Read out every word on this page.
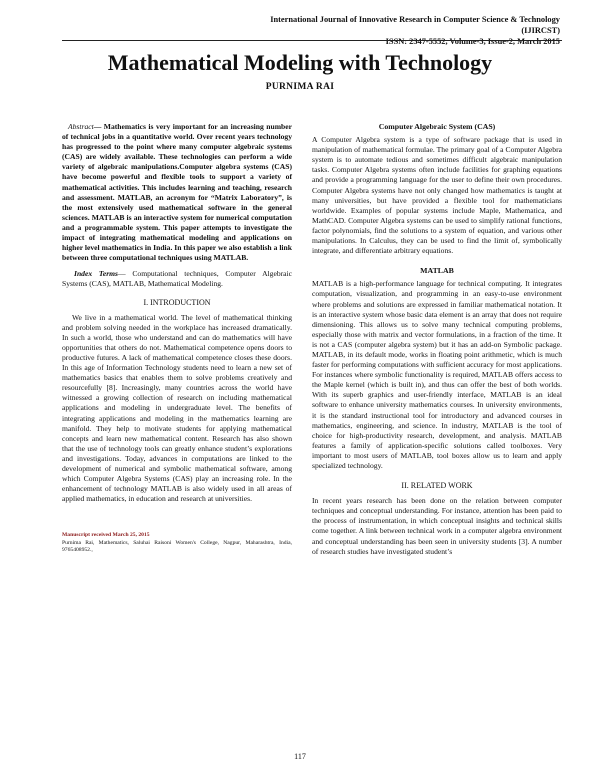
International Journal of Innovative Research in Computer Science & Technology (IJIRCST)
ISSN: 2347-5552, Volume-3, Issue-2, March 2015
Mathematical Modeling with Technology
PURNIMA RAI

Abstract— Mathematics is very important for an increasing number of technical jobs in a quantitative world. Over recent years technology has progressed to the point where many computer algebraic systems (CAS) are widely available. These technologies can perform a wide variety of algebraic manipulations.Computer algebra systems (CAS) have become powerful and flexible tools to support a variety of mathematical activities. This includes learning and teaching, research and assessment. MATLAB, an acronym for “Matrix Laboratory”, is the most extensively used mathematical software in the general sciences. MATLAB is an interactive system for numerical computation and a programmable system. This paper attempts to investigate the impact of integrating mathematical modeling and applications on higher level mathematics in India. In this paper we also establish a link between three computational techniques using MATLAB.

Index Terms— Computational techniques, Computer Algebraic Systems (CAS), MATLAB, Mathematical Modeling.

I. INTRODUCTION

We live in a mathematical world. The level of mathematical thinking and problem solving needed in the workplace has increased dramatically. In such a world, those who understand and can do mathematics will have opportunities that others do not. Mathematical competence opens doors to productive futures. A lack of mathematical competence closes these doors. In this age of Information Technology students need to learn a new set of mathematics basics that enables them to solve problems creatively and resourcefully [8]. Increasingly, many countries across the world have witnessed a growing collection of research on including mathematical applications and modeling in undergraduate level. The benefits of integrating applications and modeling in the mathematics learning are manifold. They help to motivate students for applying mathematical concepts and learn new mathematical content. Research has also shown that the use of technology tools can greatly enhance student’s explorations and investigations. Today, advances in computations are linked to the development of numerical and symbolic mathematical software, among which Computer Algebra Systems (CAS) play an increasing role. In the enhancement of technology MATLAB is also widely used in all areas of applied mathematics, in education and research at universities.

Manuscript received March 25, 2015
Purnima Rai, Mathematics, Saluhai Raisoni Women's College, Nagpur, Maharashtra, India, 9765408952.,
Computer Algebraic System (CAS)

A Computer Algebra system is a type of software package that is used in manipulation of mathematical formulae. The primary goal of a Computer Algebra system is to automate tedious and sometimes difficult algebraic manipulation tasks. Computer Algebra systems often include facilities for graphing equations and provide a programming language for the user to define their own procedures. Computer Algebra systems have not only changed how mathematics is taught at many universities, but have provided a flexible tool for mathematicians worldwide. Examples of popular systems include Maple, Mathematica, and MathCAD. Computer Algebra systems can be used to simplify rational functions, factor polynomials, find the solutions to a system of equation, and various other manipulations. In Calculus, they can be used to find the limit of, symbolically integrate, and differentiate arbitrary equations.

MATLAB

MATLAB is a high-performance language for technical computing. It integrates computation, visualization, and programming in an easy-to-use environment where problems and solutions are expressed in familiar mathematical notation. It is an interactive system whose basic data element is an array that does not require dimensioning. This allows us to solve many technical computing problems, especially those with matrix and vector formulations, in a fraction of the time. It is not a CAS (computer algebra system) but it has an add-on Symbolic package. MATLAB, in its default mode, works in floating point arithmetic, which is much faster for performing computations with sufficient accuracy for most applications. For instances where symbolic functionality is required, MATLAB offers access to the Maple kernel (which is built in), and thus can offer the best of both worlds. With its superb graphics and user-friendly interface, MATLAB is an ideal software to enhance university mathematics courses. In university environments, it is the standard instructional tool for introductory and advanced courses in mathematics, engineering, and science. In industry, MATLAB is the tool of choice for high-productivity research, development, and analysis. MATLAB features a family of application-specific solutions called toolboxes. Very important to most users of MATLAB, tool boxes allow us to learn and apply specialized technology.

II. RELATED WORK

In recent years research has been done on the relation between computer techniques and conceptual understanding. For instance, attention has been paid to the process of instrumentation, in which conceptual insights and technical skills come together. A link between technical work in a computer algebra environment and conceptual understanding has been seen in university students [3]. A number of research studies have investigated student’s

117
